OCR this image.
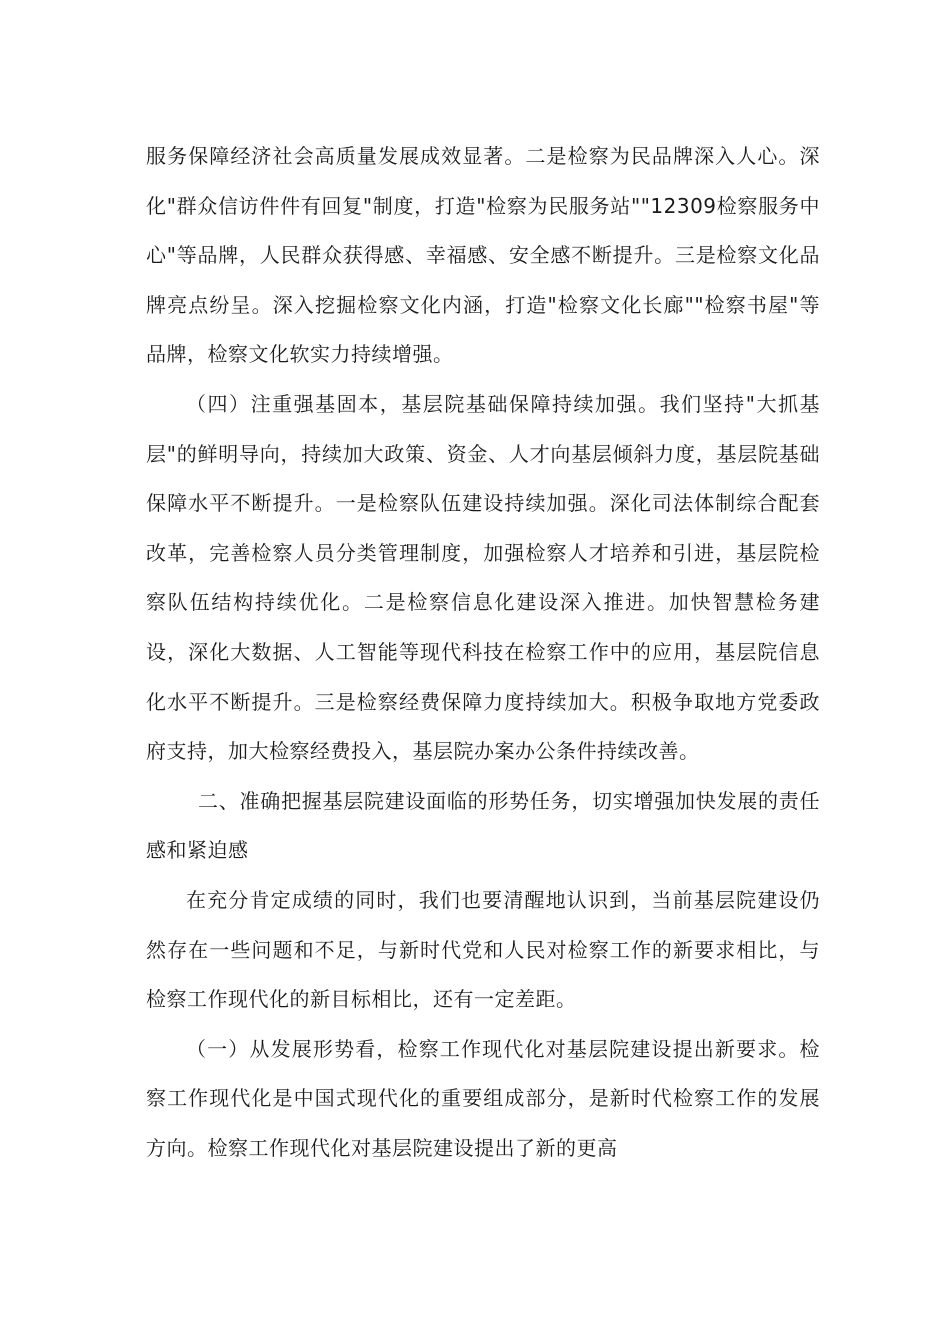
服务保障经济社会高质量发展成效显著。二是检察为民品牌深入人心。深化"群众信访件件有回复"制度，打造"检察为民服务站""12309检察服务中心"等品牌，人民群众获得感、幸福感、安全感不断提升。三是检察文化品牌亮点纷呈。深入挖掘检察文化内涵，打造"检察文化长廊""检察书屋"等品牌，检察文化软实力持续增强。

（四）注重强基固本，基层院基础保障持续加强。我们坚持"大抓基层"的鲜明导向，持续加大政策、资金、人才向基层倾斜力度，基层院基础保障水平不断提升。一是检察队伍建设持续加强。深化司法体制综合配套改革，完善检察人员分类管理制度，加强检察人才培养和引进，基层院检察队伍结构持续优化。二是检察信息化建设深入推进。加快智慧检务建设，深化大数据、人工智能等现代科技在检察工作中的应用，基层院信息化水平不断提升。三是检察经费保障力度持续加大。积极争取地方党委政府支持，加大检察经费投入，基层院办案办公条件持续改善。

二、准确把握基层院建设面临的形势任务，切实增强加快发展的责任感和紧迫感

在充分肯定成绩的同时，我们也要清醒地认识到，当前基层院建设仍然存在一些问题和不足，与新时代党和人民对检察工作的新要求相比，与检察工作现代化的新目标相比，还有一定差距。

（一）从发展形势看，检察工作现代化对基层院建设提出新要求。检察工作现代化是中国式现代化的重要组成部分，是新时代检察工作的发展方向。检察工作现代化对基层院建设提出了新的更高
